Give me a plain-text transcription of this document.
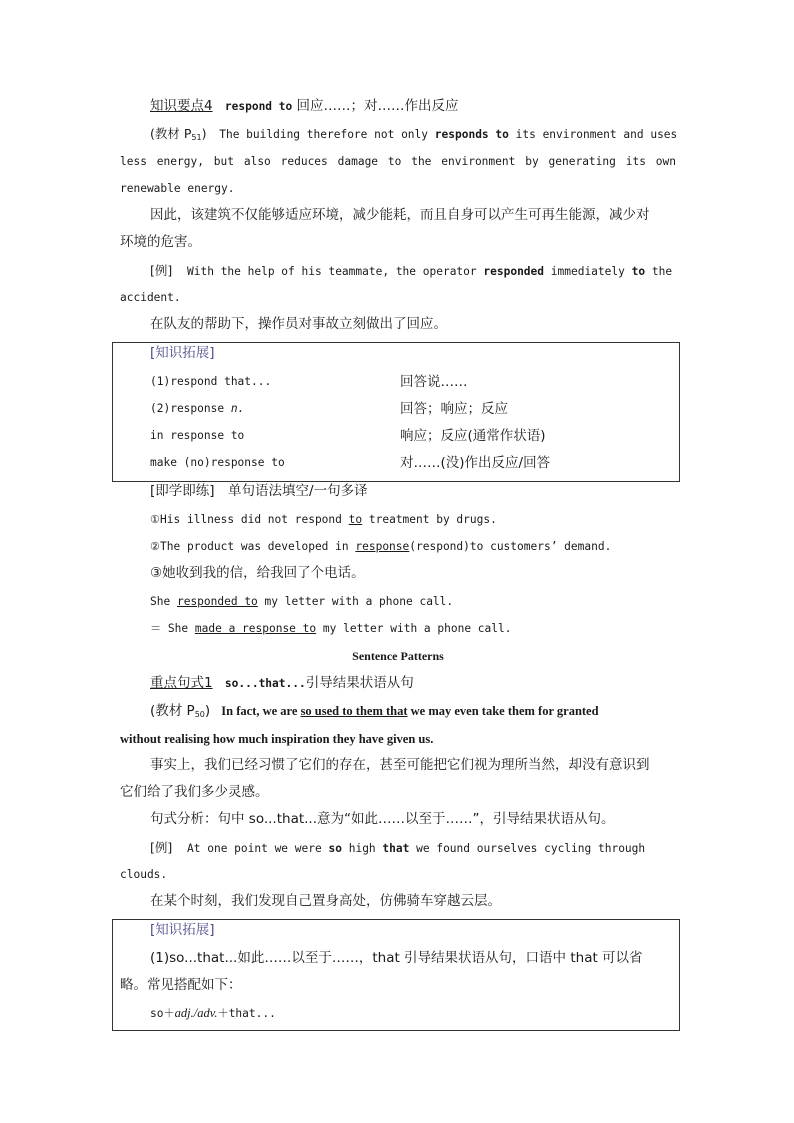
知识要点4 respond to 回应……；对……作出反应
(教材 $P_{51}$) The building therefore not only responds to its environment and uses
less energy, but also reduces damage to the environment by generating its own
renewable energy.
因此，该建筑不仅能够适应环境，减少能耗，而且自身可以产生可再生能源，减少对
环境的危害。
[例] With the help of his teammate, the operator responded immediately to the
accident.
在队友的帮助下，操作员对事故立刻做出了回应。
[知识拓展]
(1)respond that...	回答说……
(2)response n.	回答；响应；反应
in response to	响应；反应(通常作状语)
make (no)response to	对……(没)作出反应/回答
[即学即练]　单句语法填空/一句多译
①His illness did not respond to treatment by drugs.
②The product was developed in response(respond)to customers’ demand.
③她收到我的信，给我回了个电话。
She responded to my letter with a phone call.
＝ She made a response to my letter with a phone call.
Sentence Patterns
重点句式1 so...that...引导结果状语从句
(教材 $P_{50}$) In fact, we are so used to them that we may even take them for granted
without realising how much inspiration they have given us.
事实上，我们已经习惯了它们的存在，甚至可能把它们视为理所当然，却没有意识到
它们给了我们多少灵感。
句式分析：句中 so...that...意为“如此……以至于……”，引导结果状语从句。
[例] At one point we were so high that we found ourselves cycling through
clouds.
在某个时刻，我们发现自己置身高处，仿佛骑车穿越云层。
[知识拓展]
(1)so...that...如此……以至于……，that 引导结果状语从句，口语中 that 可以省
略。常见搭配如下：
so＋adj./adv.＋that...
